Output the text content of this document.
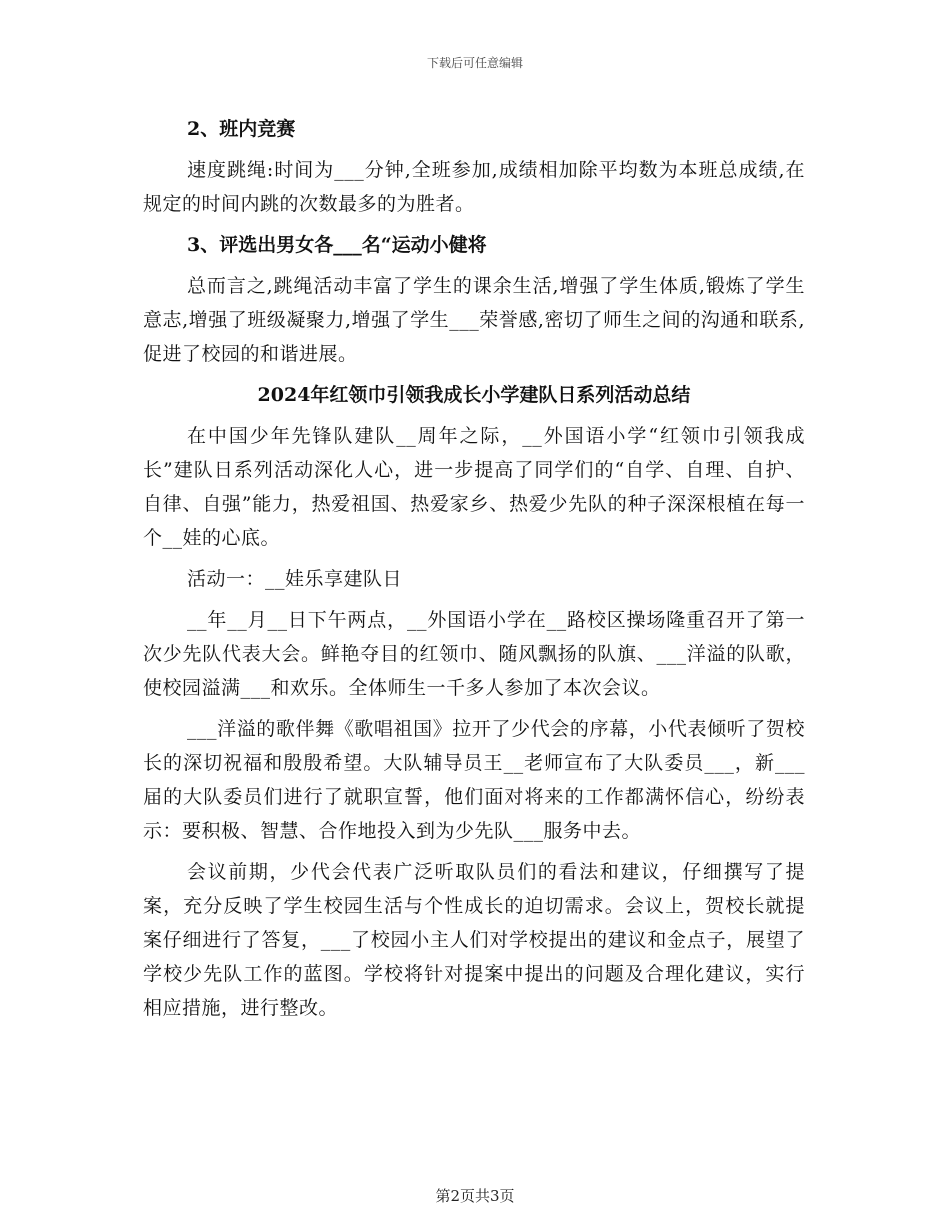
下载后可任意编辑
2、班内竞赛

速度跳绳:时间为___分钟,全班参加,成绩相加除平均数为本班总成绩,在规定的时间内跳的次数最多的为胜者。

3、评选出男女各___名“运动小健将

总而言之,跳绳活动丰富了学生的课余生活,增强了学生体质,锻炼了学生意志,增强了班级凝聚力,增强了学生___荣誉感,密切了师生之间的沟通和联系,促进了校园的和谐进展。

2024年红领巾引领我成长小学建队日系列活动总结

在中国少年先锋队建队__周年之际，__外国语小学“红领巾引领我成长”建队日系列活动深化人心，进一步提高了同学们的“自学、自理、自护、自律、自强”能力，热爱祖国、热爱家乡、热爱少先队的种子深深根植在每一个__娃的心底。

活动一：__娃乐享建队日

__年__月__日下午两点，__外国语小学在__路校区操场隆重召开了第一次少先队代表大会。鲜艳夺目的红领巾、随风飘扬的队旗、___洋溢的队歌，使校园溢满___和欢乐。全体师生一千多人参加了本次会议。

___洋溢的歌伴舞《歌唱祖国》拉开了少代会的序幕，小代表倾听了贺校长的深切祝福和殷殷希望。大队辅导员王__老师宣布了大队委员___，新___届的大队委员们进行了就职宣誓，他们面对将来的工作都满怀信心，纷纷表示：要积极、智慧、合作地投入到为少先队___服务中去。

会议前期，少代会代表广泛听取队员们的看法和建议，仔细撰写了提案，充分反映了学生校园生活与个性成长的迫切需求。会议上，贺校长就提案仔细进行了答复，___了校园小主人们对学校提出的建议和金点子，展望了学校少先队工作的蓝图。学校将针对提案中提出的问题及合理化建议，实行相应措施，进行整改。

第2页共3页
